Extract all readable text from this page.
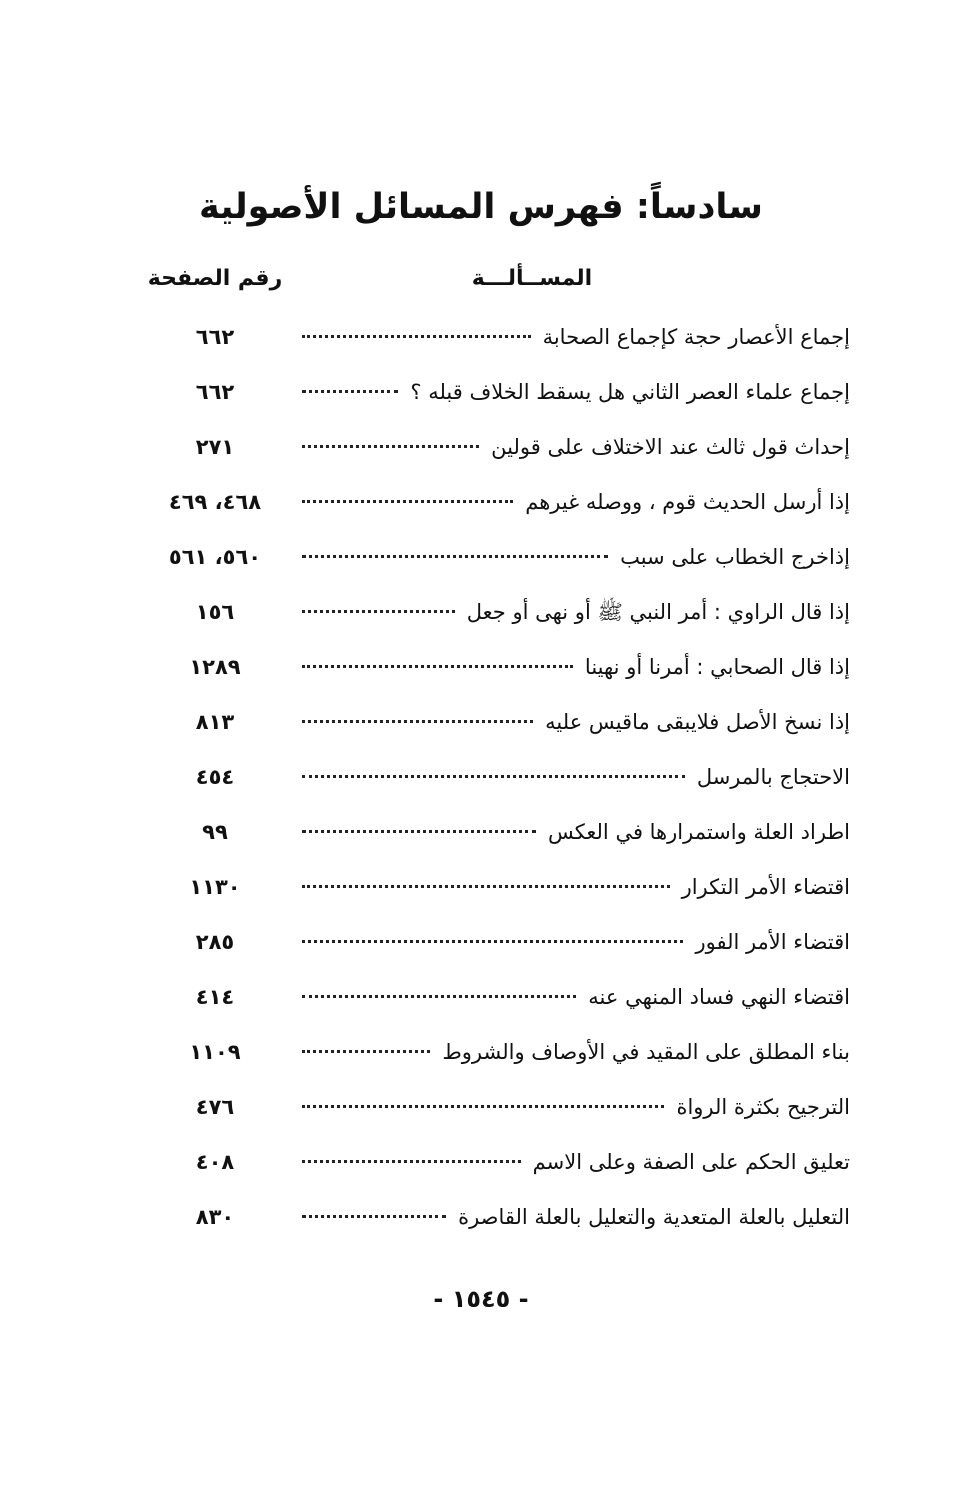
سادساً: فهرس المسائل الأصولية
المســألـــة
رقم الصفحة
إجماع الأعصار حجة كإجماع الصحابة
٦٦٢
إجماع علماء العصر الثاني هل يسقط الخلاف قبله ؟
٦٦٢
إحداث قول ثالث عند الاختلاف على قولين
٢٧١
إذا أرسل الحديث قوم ، ووصله غيرهم
٤٦٨، ٤٦٩
إذاخرج الخطاب على سبب
٥٦٠، ٥٦١
إذا قال الراوي : أمر النبي ﷺ أو نهى أو جعل
١٥٦
إذا قال الصحابي : أمرنا أو نهينا
١٢٨٩
إذا نسخ الأصل فلايبقى ماقيس عليه
٨١٣
الاحتجاج بالمرسل
٤٥٤
اطراد العلة واستمرارها في العكس
٩٩
اقتضاء الأمر التكرار
١١٣٠
اقتضاء الأمر الفور
٢٨٥
اقتضاء النهي فساد المنهي عنه
٤١٤
بناء المطلق على المقيد في الأوصاف والشروط
١١٠٩
الترجيح بكثرة الرواة
٤٧٦
تعليق الحكم على الصفة وعلى الاسم
٤٠٨
التعليل بالعلة المتعدية والتعليل بالعلة القاصرة
٨٣٠
- ١٥٤٥ -
